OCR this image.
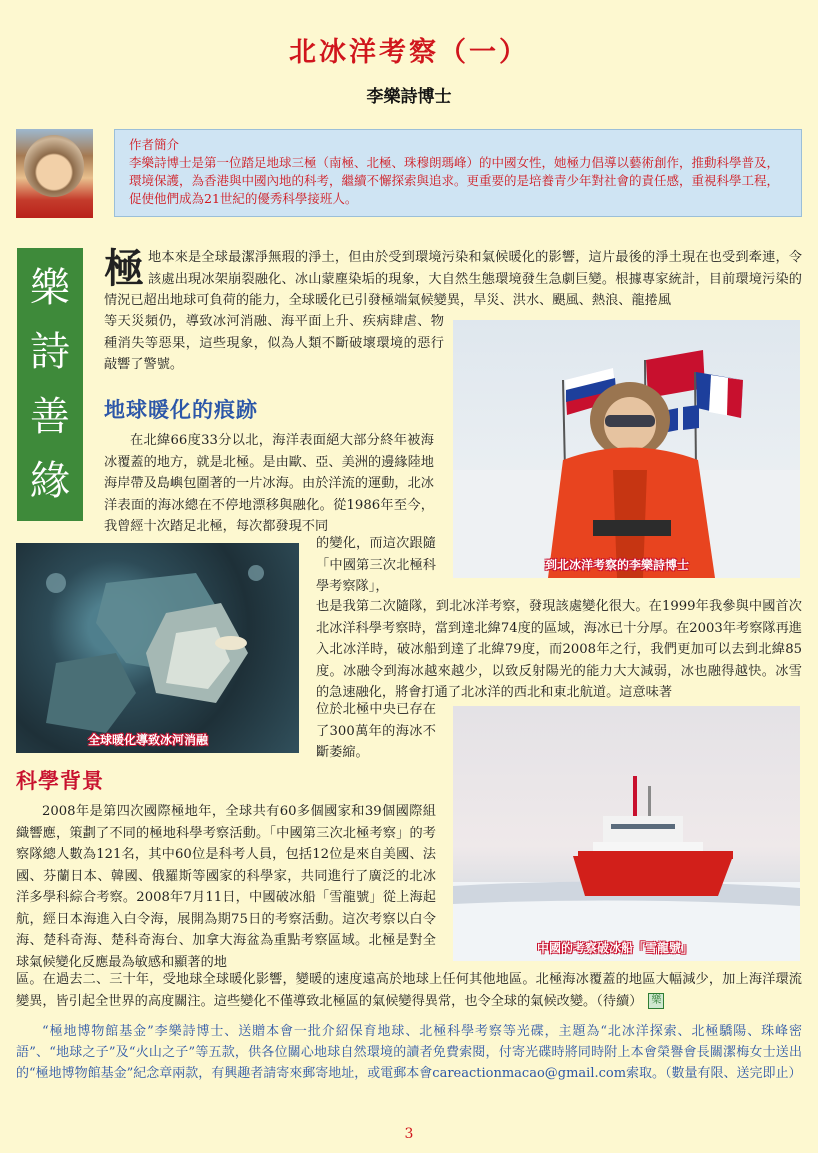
北冰洋考察（一）
李樂詩博士
作者簡介
李樂詩博士是第一位踏足地球三極（南極、北極、珠穆朗瑪峰）的中國女性，她極力倡導以藝術創作，推動科學普及，環境保護，為香港與中國內地的科考，繼續不懈探索與追求。更重要的是培養青少年對社會的責任感，重視科學工程，促使他們成為21世紀的優秀科學接班人。
樂
詩
善
緣
極地本來是全球最潔淨無瑕的淨土，但由於受到環境污染和氣候暖化的影響，這片最後的淨土現在也受到牽連，令該處出現冰架崩裂融化、冰山蒙塵染垢的現象，大自然生態環境發生急劇巨變。根據專家統計，目前環境污染的情況已超出地球可負荷的能力，全球暖化已引發極端氣候變異，旱災、洪水、颶風、熱浪、龍捲風
等天災頻仍，導致冰河消融、海平面上升、疾病肆虐、物種消失等惡果，這些現象，似為人類不斷破壞環境的惡行敲響了警號。
地球暖化的痕跡
在北緯66度33分以北，海洋表面絕大部分終年被海冰覆蓋的地方，就是北極。是由歐、亞、美洲的邊緣陸地海岸帶及島嶼包圍著的一片冰海。由於洋流的運動，北冰洋表面的海冰總在不停地漂移與融化。從1986年至今，我曾經十次踏足北極，每次都發現不同
的變化，而這次跟隨「中國第三次北極科學考察隊」，
也是我第二次隨隊，到北冰洋考察，發現該處變化很大。在1999年我參與中國首次北冰洋科學考察時，當到達北緯74度的區域，海冰已十分厚。在2003年考察隊再進入北冰洋時，破冰船到達了北緯79度，而2008年之行，我們更加可以去到北緯85度。冰融令到海冰越來越少，以致反射陽光的能力大大減弱，冰也融得越快。冰雪的急速融化，將會打通了北冰洋的西北和東北航道。這意味著
位於北極中央已存在了300萬年的海冰不斷萎縮。
科學背景
2008年是第四次國際極地年，全球共有60多個國家和39個國際組織響應，策劃了不同的極地科學考察活動。「中國第三次北極考察」的考察隊總人數為121名，其中60位是科考人員，包括12位是來自美國、法國、芬蘭日本、韓國、俄羅斯等國家的科學家，共同進行了廣泛的北冰洋多學科綜合考察。2008年7月11日，中國破冰船「雪龍號」從上海起航，經日本海進入白令海，展開為期75日的考察活動。這次考察以白令海、楚科奇海、楚科奇海台、加拿大海盆為重點考察區域。北極是對全球氣候變化反應最為敏感和顯著的地
區。在過去二、三十年，受地球全球暖化影響，變暖的速度遠高於地球上任何其他地區。北極海冰覆蓋的地區大幅減少，加上海洋環流變異，皆引起全世界的高度關注。這些變化不僅導致北極區的氣候變得異常，也令全球的氣候改變。（待續） 樂
到北冰洋考察的李樂詩博士
全球暖化導致冰河消融
中國的考察破冰船「雪龍號」
“極地博物館基金”李樂詩博士、送贈本會一批介紹保育地球、北極科學考察等光碟，主題為“北冰洋探索、北極驕陽、珠峰密語”、“地球之子”及“火山之子”等五款，供各位關心地球自然環境的讀者免費索閱，付寄光碟時將同時附上本會榮譽會長關潔梅女士送出的“極地博物館基金”紀念章兩款，有興趣者請寄來郵寄地址，或電郵本會careactionmacao@gmail.com索取。（數量有限、送完即止）
3
